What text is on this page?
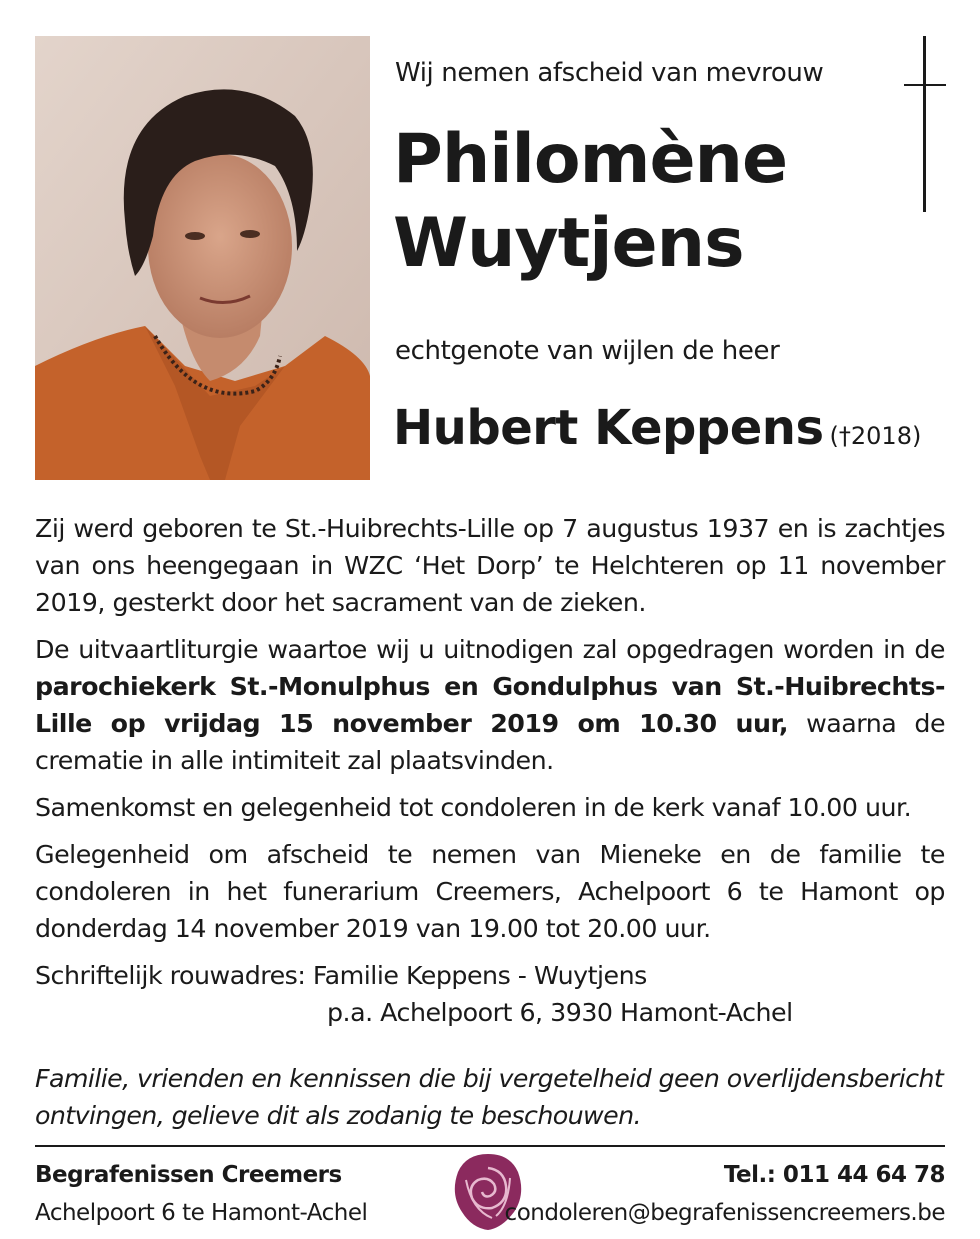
Wij nemen afscheid van mevrouw
Philomène
Wuytjens
echtgenote van wijlen de heer
Hubert Keppens (†2018)

Zij werd geboren te St.-Huibrechts-Lille op 7 augustus 1937 en is zachtjes van ons heengegaan in WZC ‘Het Dorp’ te Helchteren op 11 november 2019, gesterkt door het sacrament van de zieken.

De uitvaartliturgie waartoe wij u uitnodigen zal opgedragen worden in de parochiekerk St.-Monulphus en Gondulphus van St.-Huibrechts-Lille op vrijdag 15 november 2019 om 10.30 uur, waarna de crematie in alle intimiteit zal plaatsvinden.

Samenkomst en gelegenheid tot condoleren in de kerk vanaf 10.00 uur.

Gelegenheid om afscheid te nemen van Mieneke en de familie te condoleren in het funerarium Creemers, Achelpoort 6 te Hamont op donderdag 14 november 2019 van 19.00 tot 20.00 uur.

Schriftelijk rouwadres: Familie Keppens - Wuytjens
p.a. Achelpoort 6, 3930 Hamont-Achel
Familie, vrienden en kennissen die bij vergetelheid geen overlijdensbericht ontvingen, gelieve dit als zodanig te beschouwen.
Begrafenissen Creemers
Achelpoort 6 te Hamont-Achel
Tel.: 011 44 64 78
condoleren@begrafenissencreemers.be
